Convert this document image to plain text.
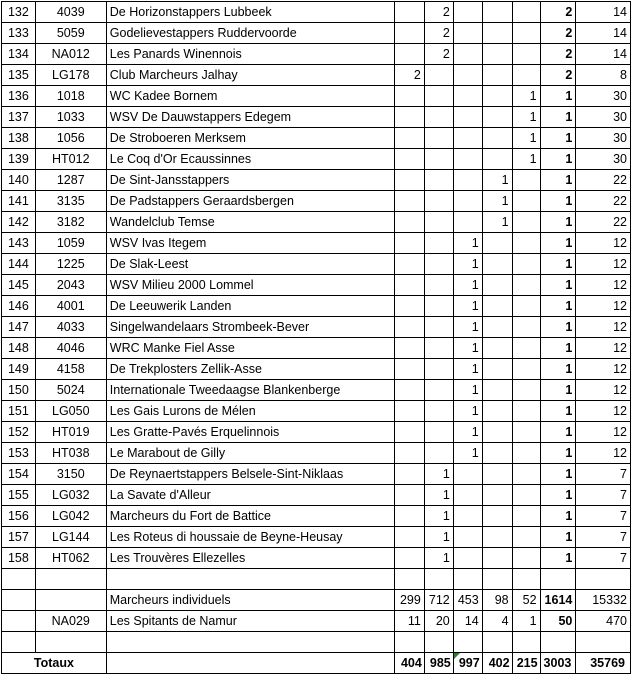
132	4039	De Horizonstappers Lubbeek		2				2	14
133	5059	Godelievestappers Ruddervoorde		2				2	14
134	NA012	Les Panards Winennois		2				2	14
135	LG178	Club Marcheurs Jalhay	2					2	8
136	1018	WC Kadee Bornem					1	1	30
137	1033	WSV De Dauwstappers Edegem					1	1	30
138	1056	De Stroboeren Merksem					1	1	30
139	HT012	Le Coq d'Or Ecaussinnes					1	1	30
140	1287	De Sint-Jansstappers				1		1	22
141	3135	De Padstappers Geraardsbergen				1		1	22
142	3182	Wandelclub Temse				1		1	22
143	1059	WSV Ivas Itegem			1			1	12
144	1225	De Slak-Leest			1			1	12
145	2043	WSV Milieu 2000 Lommel			1			1	12
146	4001	De Leeuwerik Landen			1			1	12
147	4033	Singelwandelaars Strombeek-Bever			1			1	12
148	4046	WRC Manke Fiel Asse			1			1	12
149	4158	De Trekplosters Zellik-Asse			1			1	12
150	5024	Internationale Tweedaagse Blankenberge			1			1	12
151	LG050	Les Gais Lurons de Mélen			1			1	12
152	HT019	Les Gratte-Pavés Erquelinnois			1			1	12
153	HT038	Le Marabout de Gilly			1			1	12
154	3150	De Reynaertstappers Belsele-Sint-Niklaas		1				1	7
155	LG032	La Savate d'Alleur		1				1	7
156	LG042	Marcheurs du Fort de Battice		1				1	7
157	LG144	Les Roteus di houssaie de Beyne-Heusay		1				1	7
158	HT062	Les Trouvères Ellezelles		1				1	7

		Marcheurs individuels	299	712	453	98	52	1614	15332
	NA029	Les Spitants de Namur	11	20	14	4	1	50	470

Totaux			404	985	997	402	215	3003	35769
